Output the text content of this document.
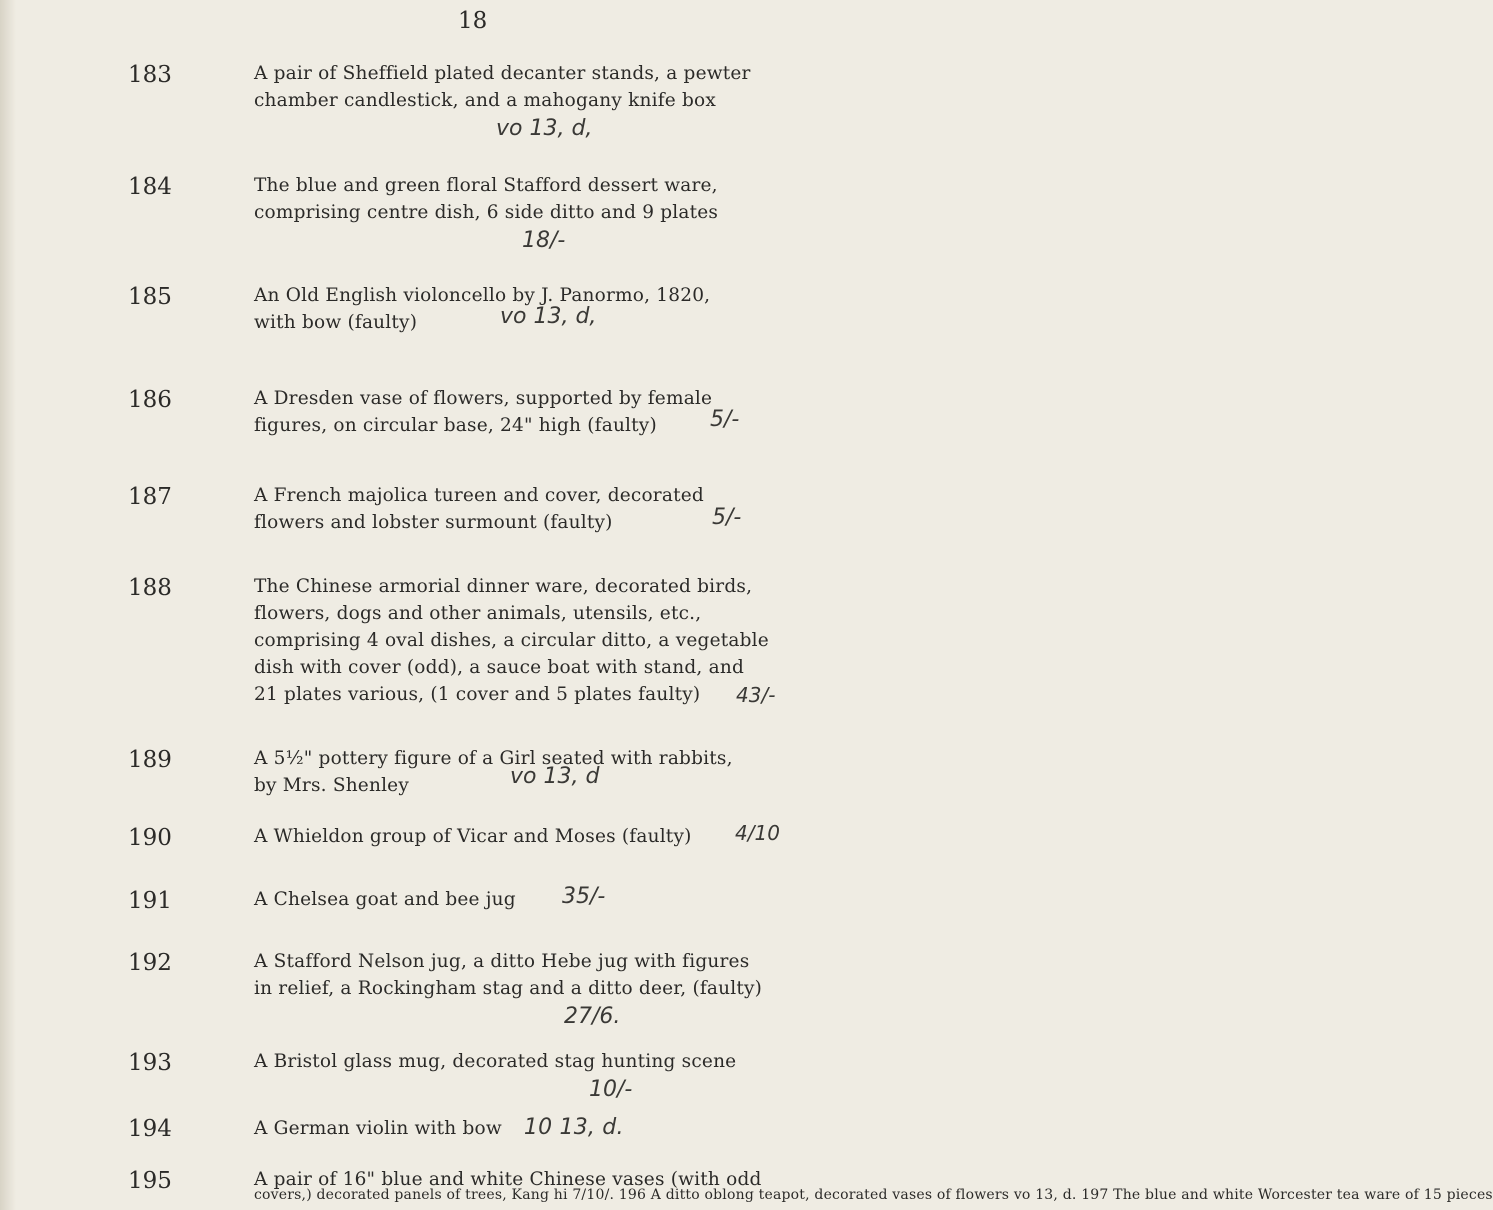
18
183	A pair of Sheffield plated decanter stands, a pewter
chamber candlestick, and a mahogany knife box
vo 13, d,
184	The blue and green floral Stafford dessert ware,
comprising centre dish, 6 side ditto and 9 plates
18/-
185	An Old English violoncello by J. Panormo, 1820,
with bow (faulty)	vo 13, d,
186	A Dresden vase of flowers, supported by female
figures, on circular base, 24" high (faulty)	5/-
187	A French majolica tureen and cover, decorated
flowers and lobster surmount (faulty)	5/-
188	The Chinese armorial dinner ware, decorated birds,
flowers, dogs and other animals, utensils, etc.,
comprising 4 oval dishes, a circular ditto, a vegetable
dish with cover (odd), a sauce boat with stand, and
21 plates various, (1 cover and 5 plates faulty)	43/-
189	A 5½" pottery figure of a Girl seated with rabbits,
by Mrs. Shenley	vo 13, d
190	A Whieldon group of Vicar and Moses (faulty)	4/10
191	A Chelsea goat and bee jug	35/-
192	A Stafford Nelson jug, a ditto Hebe jug with figures
in relief, a Rockingham stag and a ditto deer, (faulty)
27/6.
193	A Bristol glass mug, decorated stag hunting scene
10/-
194	A German violin with bow 10 13, d.
195	A pair of 16" blue and white Chinese vases (with odd
covers,) decorated panels of trees, Kang hi 7/10/. 196 A ditto oblong teapot, decorated vases of flowers vo 13, d. 197 The blue and white Worcester tea ware of 15 pieces
